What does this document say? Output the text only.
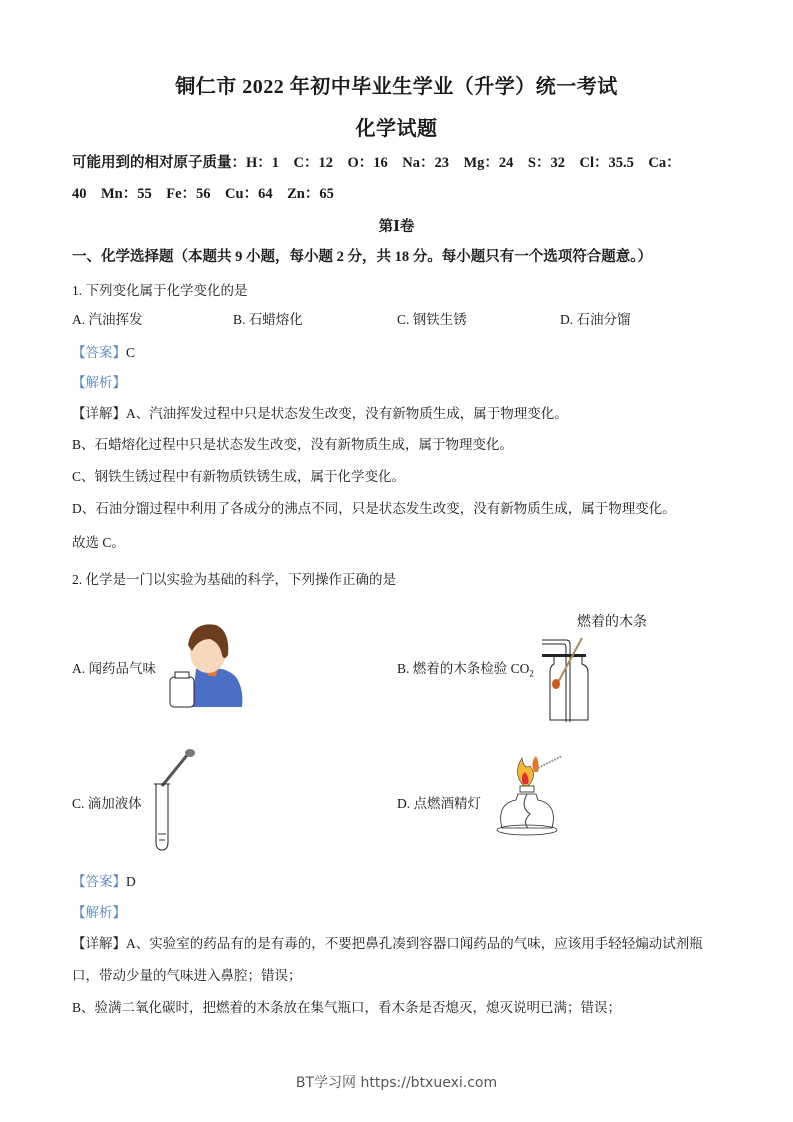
铜仁市 2022 年初中毕业生学业（升学）统一考试
化学试题
可能用到的相对原子质量：H：1　C：12　O：16　Na：23　Mg：24　S：32　Cl：35.5　Ca：
40　Mn：55　Fe：56　Cu：64　Zn：65
第Ⅰ卷
一、化学选择题（本题共 9 小题，每小题 2 分，共 18 分。每小题只有一个选项符合题意。）
1. 下列变化属于化学变化的是
A. 汽油挥发	B. 石蜡熔化	C. 钢铁生锈	D. 石油分馏
【答案】C
【解析】
【详解】A、汽油挥发过程中只是状态发生改变，没有新物质生成，属于物理变化。
B、石蜡熔化过程中只是状态发生改变，没有新物质生成，属于物理变化。
C、钢铁生锈过程中有新物质铁锈生成，属于化学变化。
D、石油分馏过程中利用了各成分的沸点不同，只是状态发生改变，没有新物质生成，属于物理变化。
故选 C。
2. 化学是一门以实验为基础的科学，下列操作正确的是
A. 闻药品气味
燃着的木条
B. 燃着的木条检验 $CO_2$
C. 滴加液体	D. 点燃酒精灯
【答案】D
【解析】
【详解】A、实验室的药品有的是有毒的，不要把鼻孔凑到容器口闻药品的气味，应该用手轻轻煽动试剂瓶
口，带动少量的气味进入鼻腔；错误；
B、验满二氧化碳时，把燃着的木条放在集气瓶口，看木条是否熄灭，熄灭说明已满；错误；
BT学习网 https://btxuexi.com
